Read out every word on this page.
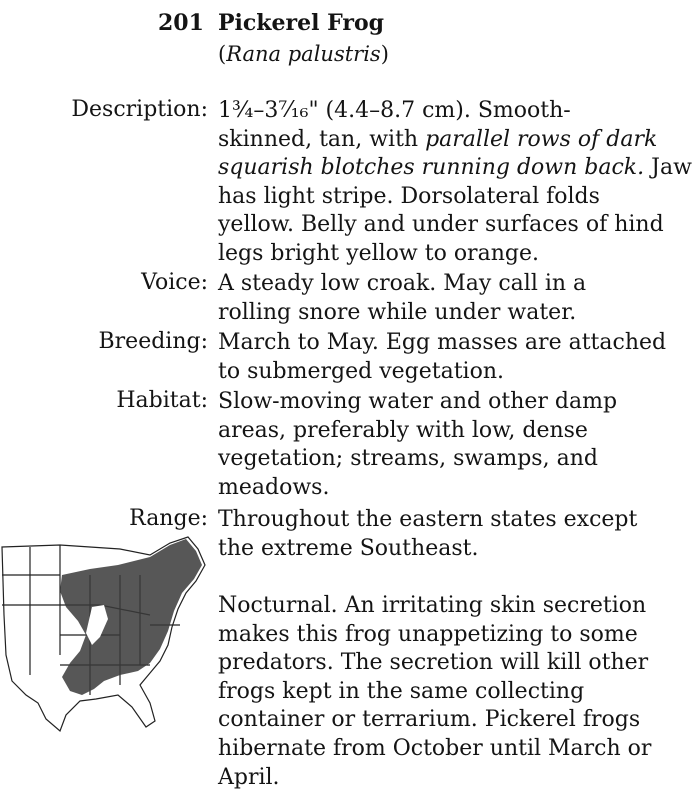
201 Pickerel Frog
(Rana palustris)
Description: 1¾–3⁷⁄₁₆" (4.4–8.7 cm). Smooth-
skinned, tan, with parallel rows of dark
squarish blotches running down back. Jaw
has light stripe. Dorsolateral folds
yellow. Belly and under surfaces of hind
legs bright yellow to orange.
Voice: A steady low croak. May call in a
rolling snore while under water.
Breeding: March to May. Egg masses are attached
to submerged vegetation.
Habitat: Slow-moving water and other damp
areas, preferably with low, dense
vegetation; streams, swamps, and
meadows.
Range: Throughout the eastern states except
the extreme Southeast.
Nocturnal. An irritating skin secretion
makes this frog unappetizing to some
predators. The secretion will kill other
frogs kept in the same collecting
container or terrarium. Pickerel frogs
hibernate from October until March or
April.
